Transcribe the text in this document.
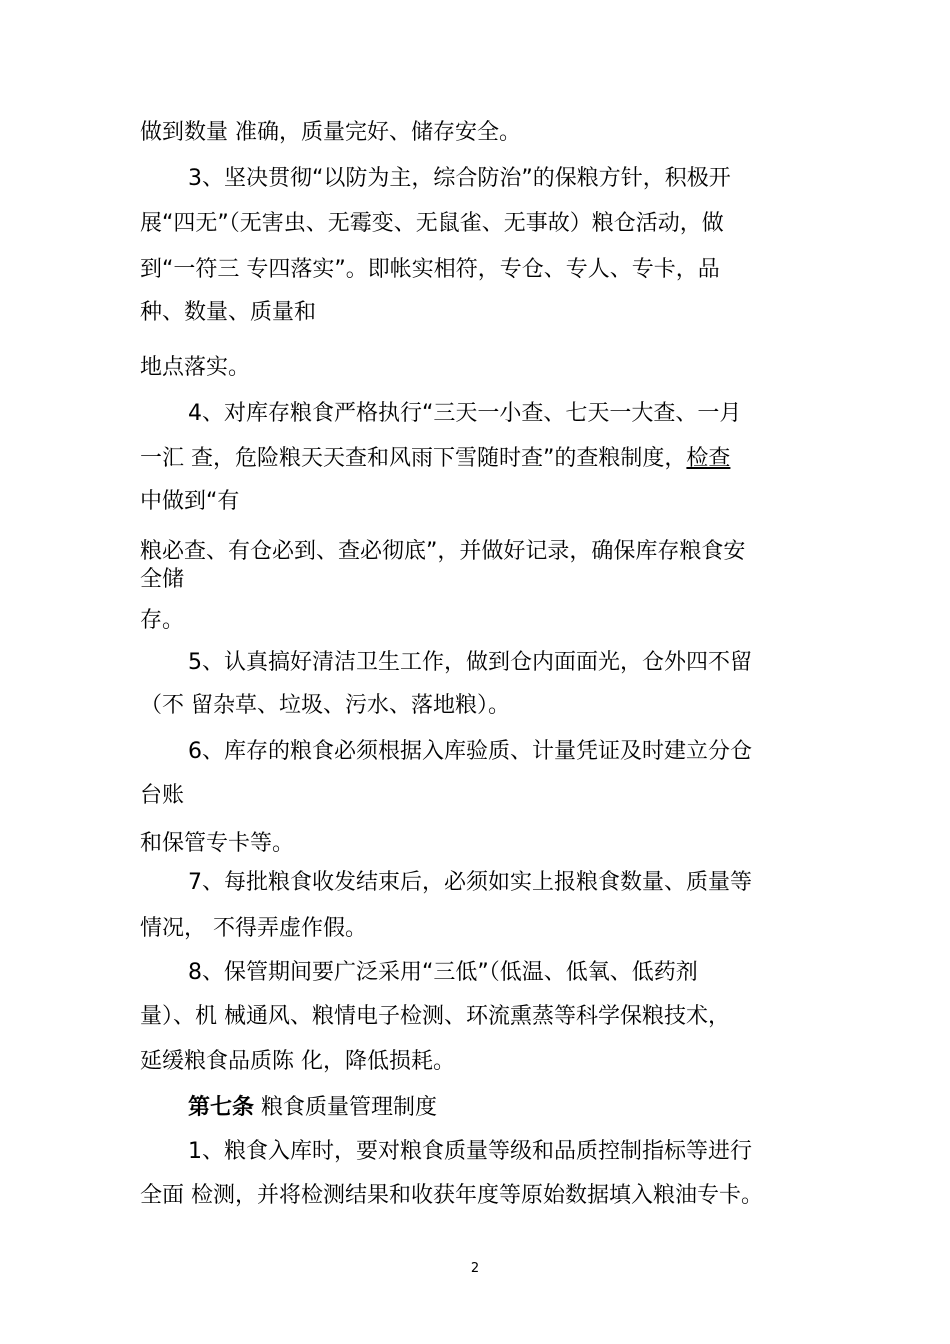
做到数量 准确，质量完好、储存安全。
3、坚决贯彻“以防为主，综合防治”的保粮方针，积极开
展“四无”（无害虫、无霉变、无鼠雀、无事故）粮仓活动，做
到“一符三 专四落实”。即帐实相符，专仓、专人、专卡，品
种、数量、质量和
地点落实。
4、对库存粮食严格执行“三天一小查、七天一大查、一月
一汇 查，危险粮天天查和风雨下雪随时查”的查粮制度，检查
中做到“有
粮必查、有仓必到、查必彻底”，并做好记录，确保库存粮食安
全储
存。
5、认真搞好清洁卫生工作，做到仓内面面光，仓外四不留
（不 留杂草、垃圾、污水、落地粮）。
6、库存的粮食必须根据入库验质、计量凭证及时建立分仓
台账
和保管专卡等。
7、每批粮食收发结束后，必须如实上报粮食数量、质量等
情况， 不得弄虚作假。
8、保管期间要广泛采用“三低”（低温、低氧、低药剂
量）、机 械通风、粮情电子检测、环流熏蒸等科学保粮技术，
延缓粮食品质陈 化，降低损耗。
第七条 粮食质量管理制度
1、粮食入库时，要对粮食质量等级和品质控制指标等进行
全面 检测，并将检测结果和收获年度等原始数据填入粮油专卡。
2
